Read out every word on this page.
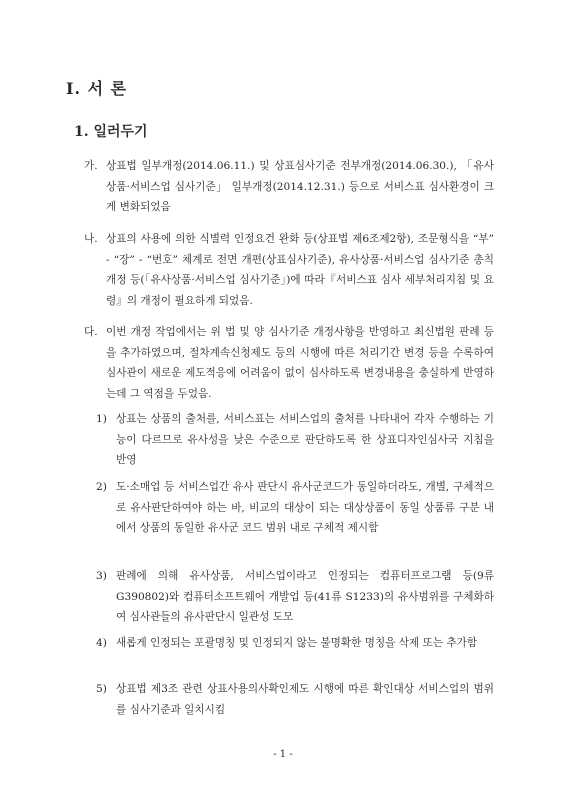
Ⅰ. 서 론
1. 일러두기
가. 상표법 일부개정(2014.06.11.) 및 상표심사기준 전부개정(2014.06.30.), 「유사상품·서비스업 심사기준」 일부개정(2014.12.31.) 등으로 서비스표 심사환경이 크게 변화되었음
나. 상표의 사용에 의한 식별력 인정요건 완화 등(상표법 제6조제2항), 조문형식을 “부” - “장” - “번호” 체계로 전면 개편(상표심사기준), 유사상품·서비스업 심사기준 총칙 개정 등(「유사상품·서비스업 심사기준」)에 따라『서비스표 심사 세부처리지침 및 요령』의 개정이 필요하게 되었음.
다. 이번 개정 작업에서는 위 법 및 양 심사기준 개정사항을 반영하고 최신법원 판례 등을 추가하였으며, 절차계속신청제도 등의 시행에 따른 처리기간 변경 등을 수록하여 심사관이 새로운 제도적응에 어려움이 없이 심사하도록 변경내용을 충실하게 반영하는데 그 역점을 두었음.
1) 상표는 상품의 출처를, 서비스표는 서비스업의 출처를 나타내어 각자 수행하는 기능이 다르므로 유사성을 낮은 수준으로 판단하도록 한 상표디자인심사국 지침을 반영
2) 도·소매업 등 서비스업간 유사 판단시 유사군코드가 동일하더라도, 개별, 구체적으로 유사판단하여야 하는 바, 비교의 대상이 되는 대상상품이 동일 상품류 구분 내에서 상품의 동일한 유사군 코드 범위 내로 구체적 제시함
3) 판례에 의해 유사상품, 서비스업이라고 인정되는 컴퓨터프로그램 등(9류 G390802)와 컴퓨터소프트웨어 개발업 등(41류 S1233)의 유사범위를 구체화하여 심사관들의 유사판단시 일관성 도모
4) 새롭게 인정되는 포괄명칭 및 인정되지 않는 불명확한 명칭을 삭제 또는 추가함
5) 상표법 제3조 관련 상표사용의사확인제도 시행에 따른 확인대상 서비스업의 범위를 심사기준과 일치시킴
- 1 -
